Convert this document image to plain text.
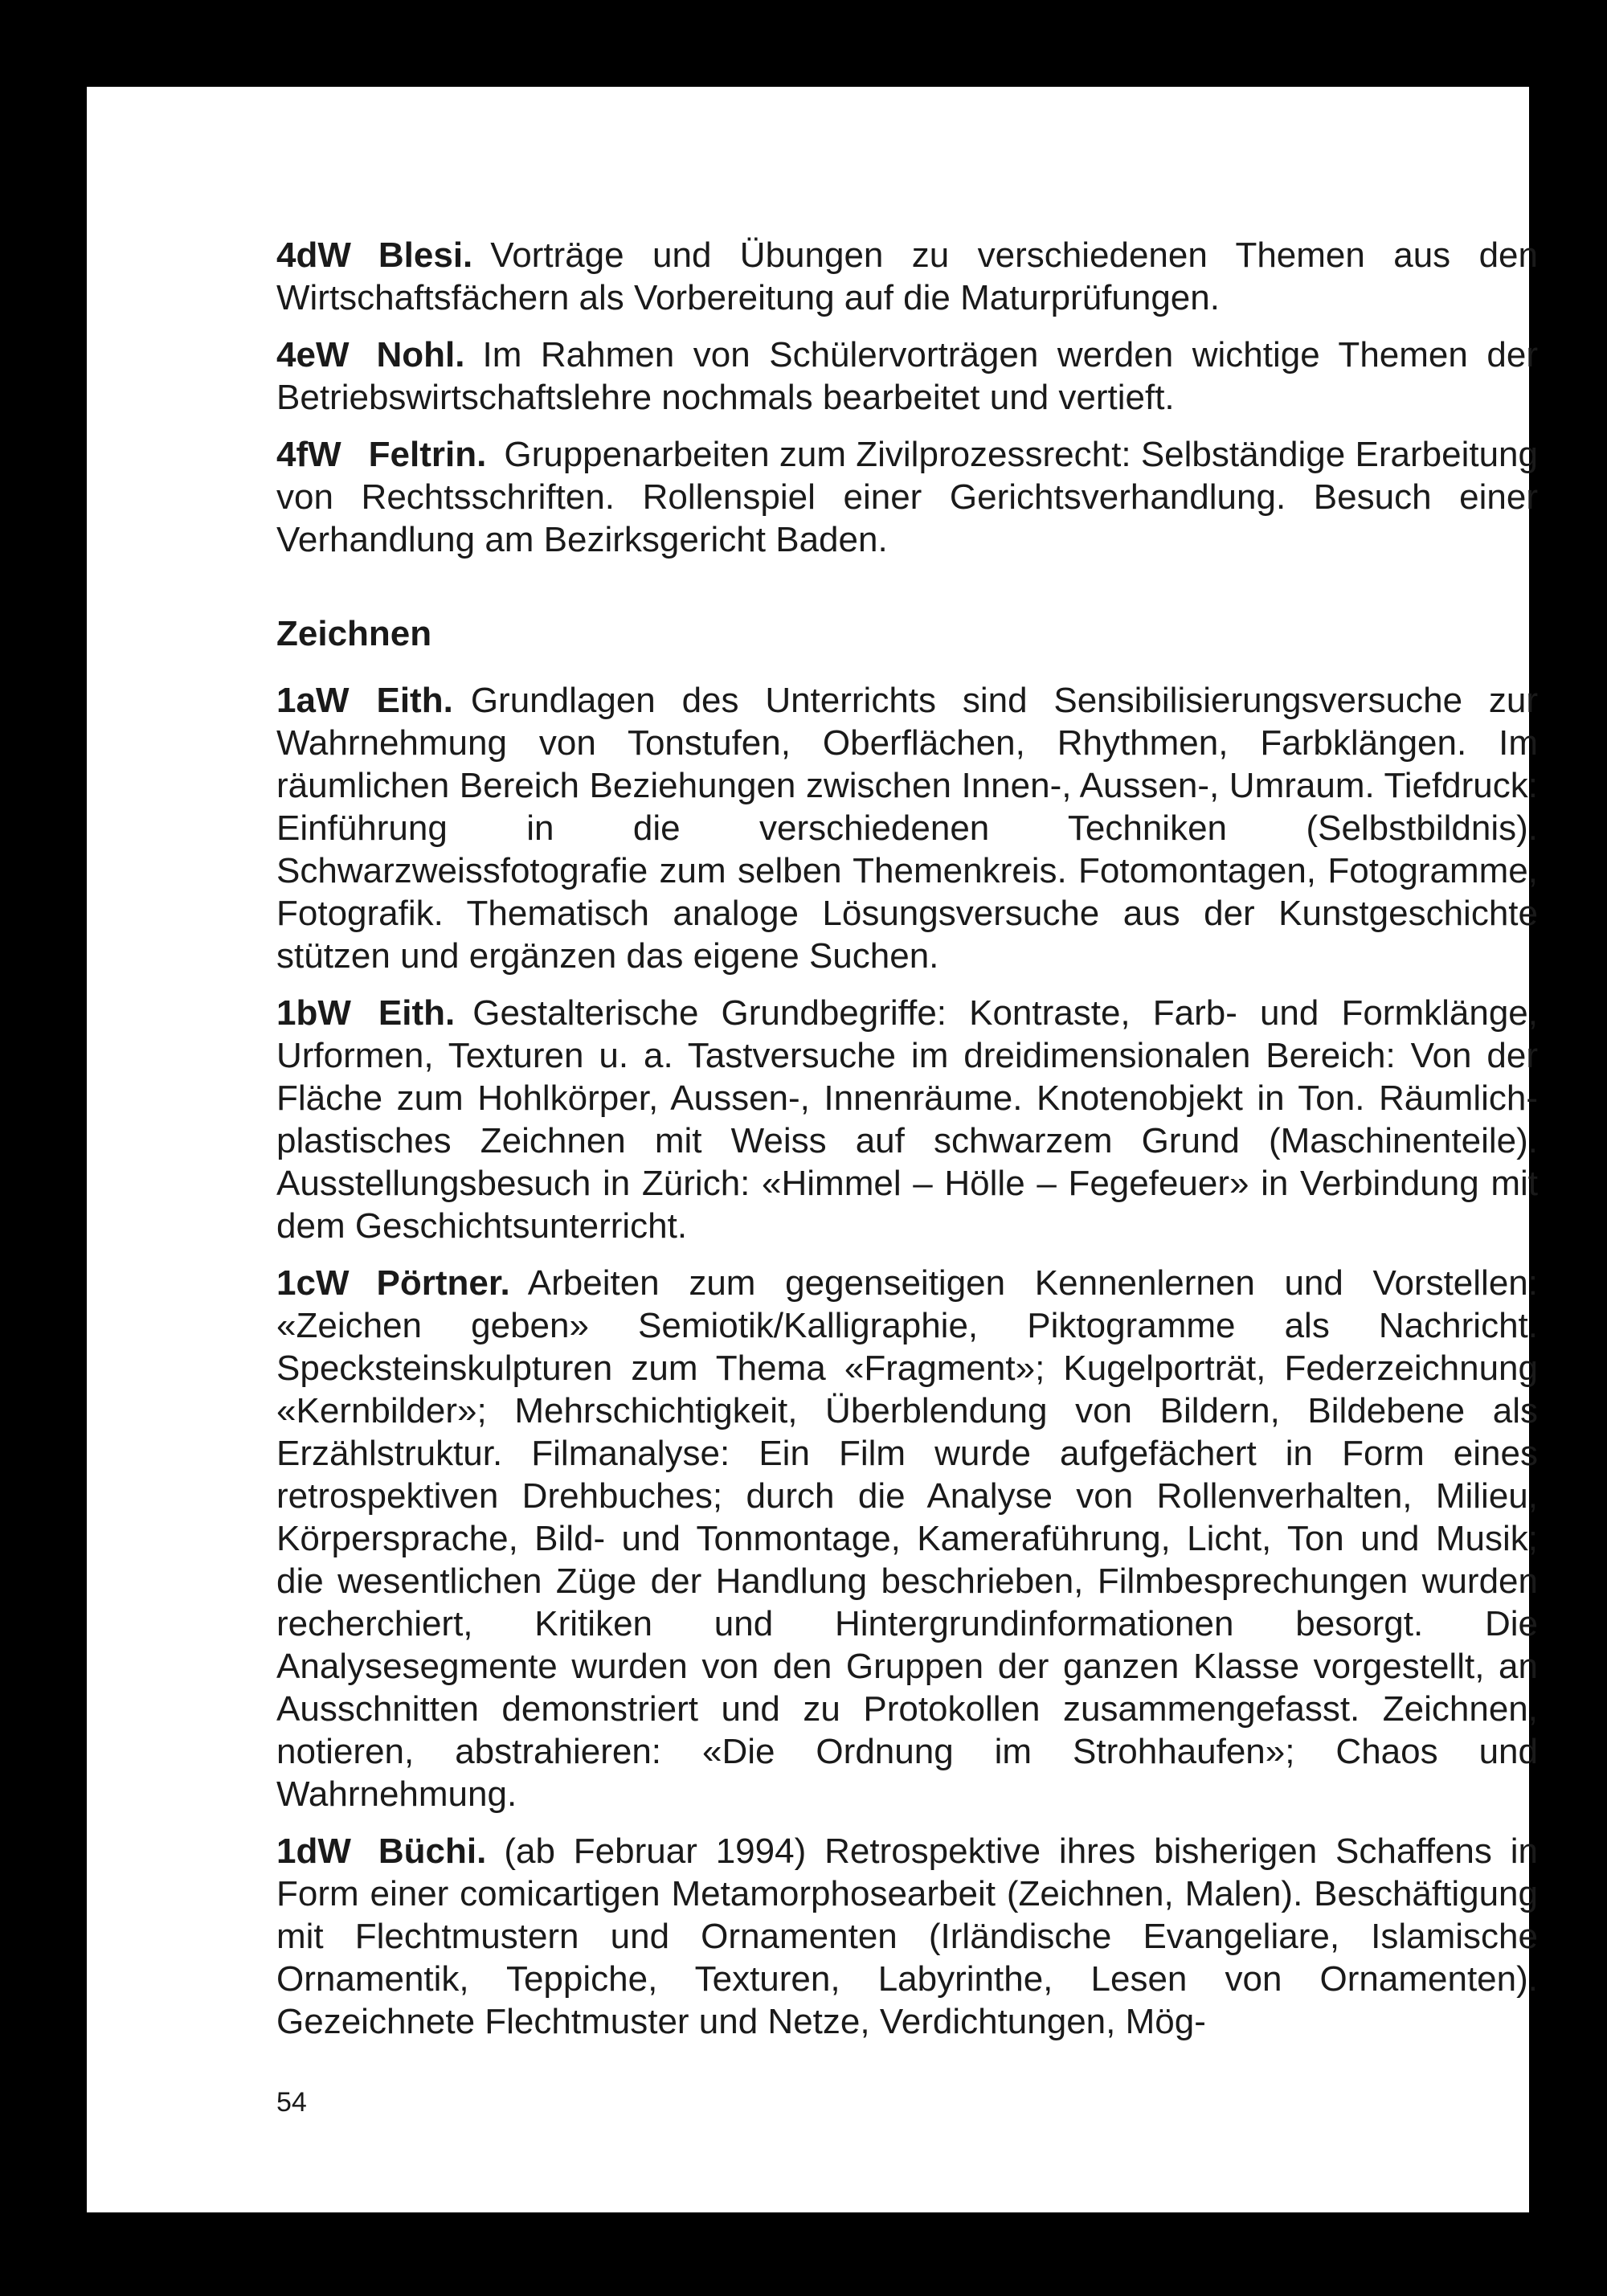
4dW Blesi. Vorträge und Übungen zu verschiedenen Themen aus den Wirtschaftsfächern als Vorbereitung auf die Maturprüfungen.

4eW Nohl. Im Rahmen von Schülervorträgen werden wichtige Themen der Betriebswirtschaftslehre nochmals bearbeitet und vertieft.

4fW Feltrin. Gruppenarbeiten zum Zivilprozessrecht: Selbständige Erarbeitung von Rechtsschriften. Rollenspiel einer Gerichtsverhandlung. Besuch einer Verhandlung am Bezirksgericht Baden.

Zeichnen

1aW Eith. Grundlagen des Unterrichts sind Sensibilisierungsversuche zur Wahrnehmung von Tonstufen, Oberflächen, Rhythmen, Farbklängen. Im räumlichen Bereich Beziehungen zwischen Innen-, Aussen-, Umraum. Tiefdruck: Einführung in die verschiedenen Techniken (Selbstbildnis). Schwarzweissfotografie zum selben Themenkreis. Fotomontagen, Fotogramme, Fotografik. Thematisch analoge Lösungsversuche aus der Kunstgeschichte stützen und ergänzen das eigene Suchen.

1bW Eith. Gestalterische Grundbegriffe: Kontraste, Farb- und Formklänge, Urformen, Texturen u. a. Tastversuche im dreidimensionalen Bereich: Von der Fläche zum Hohlkörper, Aussen-, Innenräume. Knotenobjekt in Ton. Räumlich-plastisches Zeichnen mit Weiss auf schwarzem Grund (Maschinenteile). Ausstellungsbesuch in Zürich: «Himmel – Hölle – Fegefeuer» in Verbindung mit dem Geschichtsunterricht.

1cW Pörtner. Arbeiten zum gegenseitigen Kennenlernen und Vorstellen: «Zeichen geben» Semiotik/Kalligraphie, Piktogramme als Nachricht. Specksteinskulpturen zum Thema «Fragment»; Kugelporträt, Federzeichnung «Kernbilder»; Mehrschichtigkeit, Überblendung von Bildern, Bildebene als Erzählstruktur. Filmanalyse: Ein Film wurde aufgefächert in Form eines retrospektiven Drehbuches; durch die Analyse von Rollenverhalten, Milieu, Körpersprache, Bild- und Tonmontage, Kameraführung, Licht, Ton und Musik; die wesentlichen Züge der Handlung beschrieben, Filmbesprechungen wurden recherchiert, Kritiken und Hintergrundinformationen besorgt. Die Analysesegmente wurden von den Gruppen der ganzen Klasse vorgestellt, an Ausschnitten demonstriert und zu Protokollen zusammengefasst. Zeichnen, notieren, abstrahieren: «Die Ordnung im Strohhaufen»; Chaos und Wahrnehmung.

1dW Büchi. (ab Februar 1994) Retrospektive ihres bisherigen Schaffens in Form einer comicartigen Metamorphosearbeit (Zeichnen, Malen). Beschäftigung mit Flechtmustern und Ornamenten (Irländische Evangeliare, Islamische Ornamentik, Teppiche, Texturen, Labyrinthe, Lesen von Ornamenten). Gezeichnete Flechtmuster und Netze, Verdichtungen, Mög-

54
